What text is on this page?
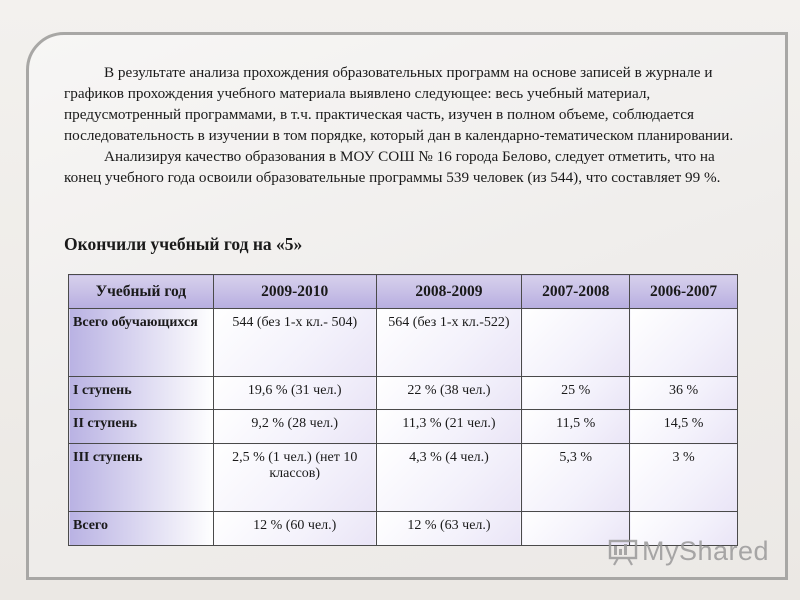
В результате анализа прохождения образовательных программ на основе записей в журнале и графиков прохождения учебного материала выявлено следующее: весь учебный материал, предусмотренный программами, в т.ч. практическая часть, изучен в полном объеме, соблюдается последовательность в изучении в том порядке, который дан в календарно-тематическом планировании.

Анализируя качество образования в МОУ СОШ № 16 города Белово, следует отметить, что на конец учебного года освоили образовательные программы 539 человек (из 544), что составляет 99 %.

Окончили учебный год на «5»
Учебный год	2009-2010	2008-2009	2007-2008	2006-2007
Всего обучающихся	544 (без 1-х кл.- 504)	564 (без 1-х кл.-522)		
I ступень	19,6 % (31 чел.)	22 % (38 чел.)	25 %	36 %
II ступень	9,2 % (28 чел.)	11,3 % (21 чел.)	11,5 %	14,5 %
III ступень	2,5 % (1 чел.) (нет 10 классов)	4,3 % (4 чел.)	5,3 %	3 %
Всего	12 % (60 чел.)	12 % (63 чел.)		
MyShared
